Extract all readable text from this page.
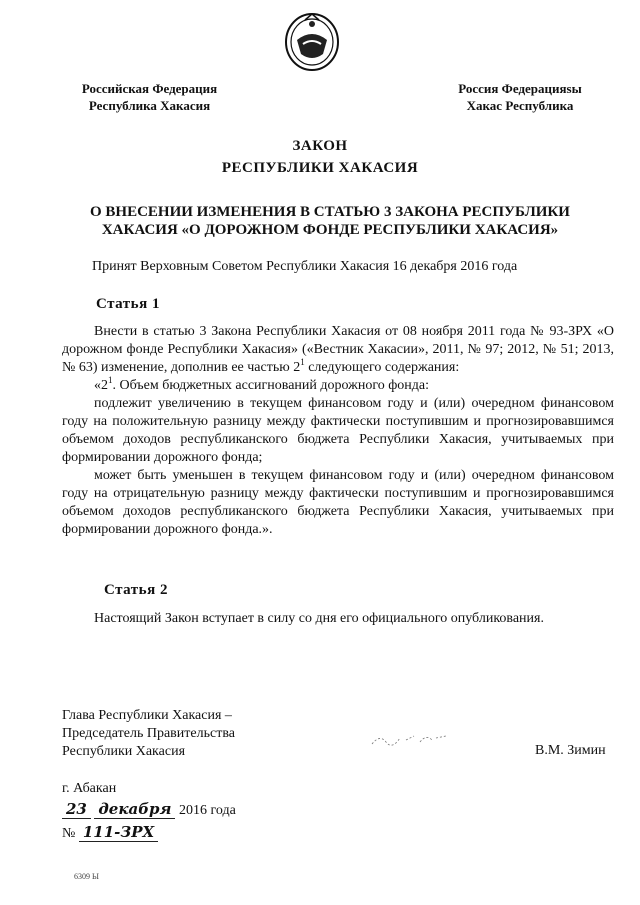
Российская Федерация
Республика Хакасия
Россия Федерацияѕы
Хакас Республика
ЗАКОН
РЕСПУБЛИКИ ХАКАСИЯ
О ВНЕСЕНИИ ИЗМЕНЕНИЯ В СТАТЬЮ 3 ЗАКОНА РЕСПУБЛИКИ
ХАКАСИЯ «О ДОРОЖНОМ ФОНДЕ РЕСПУБЛИКИ ХАКАСИЯ»
Принят Верховным Советом Республики Хакасия 16 декабря 2016 года
Статья 1

Внести в статью 3 Закона Республики Хакасия от 08 ноября 2011 года № 93-ЗРХ «О дорожном фонде Республики Хакасия» («Вестник Хакасии», 2011, № 97; 2012, № 51; 2013, № 63) изменение, дополнив ее частью $2^1$ следующего содержания:

«$2^1$. Объем бюджетных ассигнований дорожного фонда:

подлежит увеличению в текущем финансовом году и (или) очередном финансовом году на положительную разницу между фактически поступившим и прогнозировавшимся объемом доходов республиканского бюджета Республики Хакасия, учитываемых при формировании дорожного фонда;

может быть уменьшен в текущем финансовом году и (или) очередном финансовом году на отрицательную разницу между фактически поступившим и прогнозировавшимся объемом доходов республиканского бюджета Республики Хакасия, учитываемых при формировании дорожного фонда.».

Статья 2

Настоящий Закон вступает в силу со дня его официального опубликования.

Глава Республики Хакасия –
Председатель Правительства
Республики Хакасия	В.М. Зимин
г. Абакан
23 декабря 2016 года
№ 111-ЗРХ
6309 Ы
